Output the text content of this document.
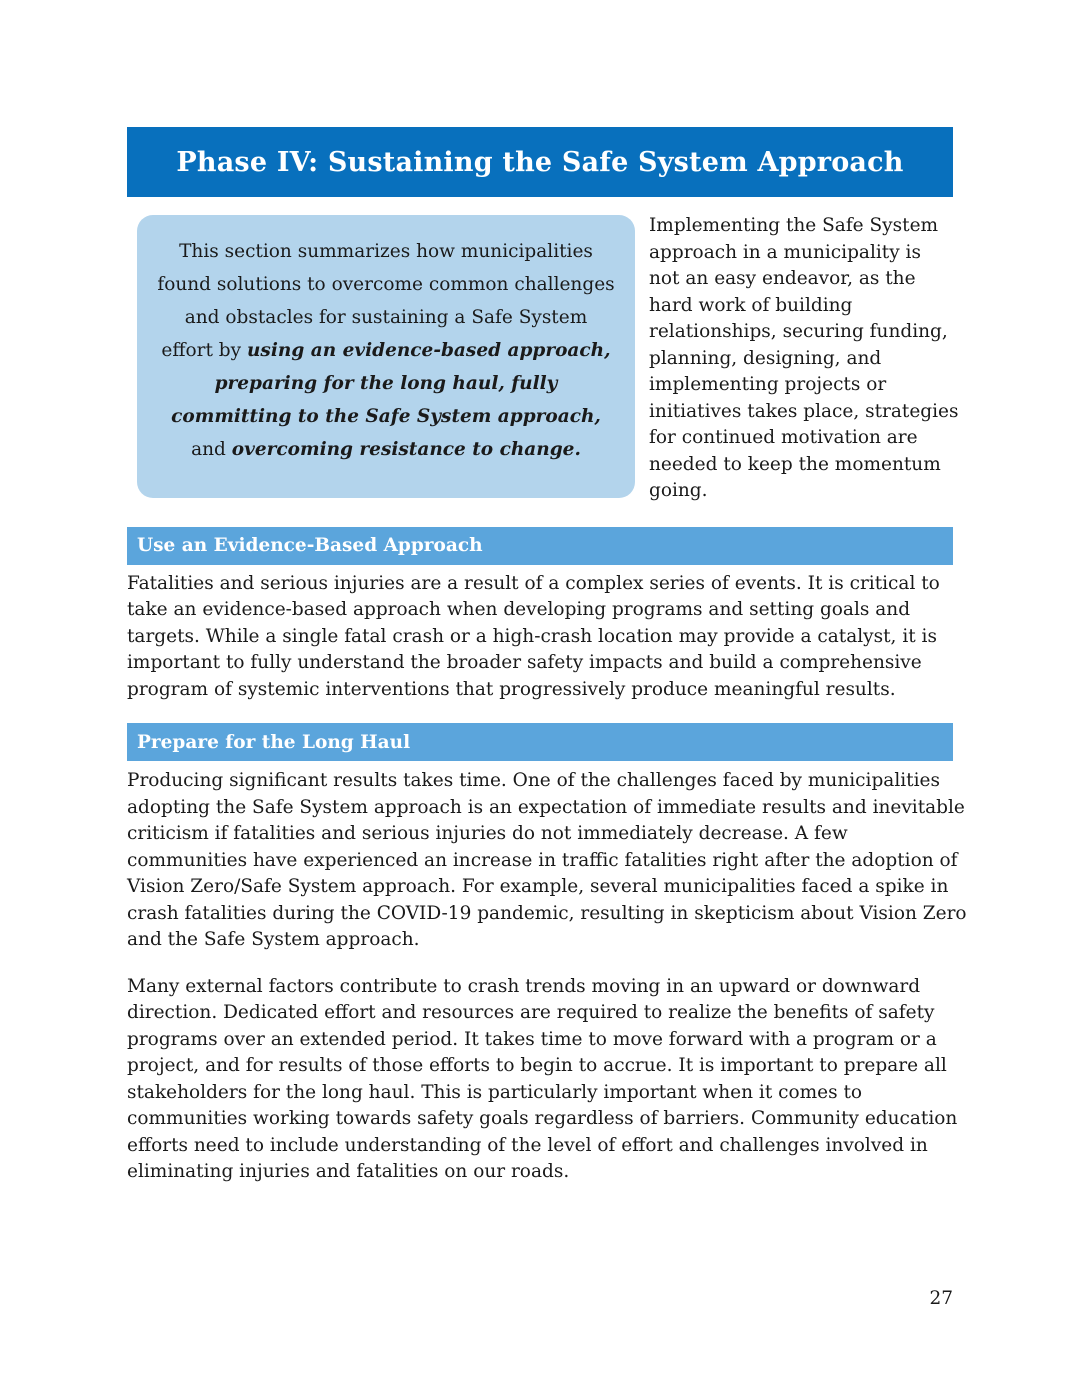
Phase IV: Sustaining the Safe System Approach
This section summarizes how municipalities found solutions to overcome common challenges and obstacles for sustaining a Safe System effort by using an evidence-based approach, preparing for the long haul, fully committing to the Safe System approach, and overcoming resistance to change.
Implementing the Safe System
approach in a municipality is
not an easy endeavor, as the
hard work of building
relationships, securing funding,
planning, designing, and
implementing projects or
initiatives takes place, strategies
for continued motivation are
needed to keep the momentum
going.
Use an Evidence-Based Approach

Fatalities and serious injuries are a result of a complex series of events. It is critical to
take an evidence-based approach when developing programs and setting goals and
targets. While a single fatal crash or a high-crash location may provide a catalyst, it is
important to fully understand the broader safety impacts and build a comprehensive
program of systemic interventions that progressively produce meaningful results.

Prepare for the Long Haul

Producing significant results takes time. One of the challenges faced by municipalities
adopting the Safe System approach is an expectation of immediate results and inevitable
criticism if fatalities and serious injuries do not immediately decrease. A few
communities have experienced an increase in traffic fatalities right after the adoption of
Vision Zero/Safe System approach. For example, several municipalities faced a spike in
crash fatalities during the COVID-19 pandemic, resulting in skepticism about Vision Zero
and the Safe System approach.

Many external factors contribute to crash trends moving in an upward or downward
direction. Dedicated effort and resources are required to realize the benefits of safety
programs over an extended period. It takes time to move forward with a program or a
project, and for results of those efforts to begin to accrue. It is important to prepare all
stakeholders for the long haul. This is particularly important when it comes to
communities working towards safety goals regardless of barriers. Community education
efforts need to include understanding of the level of effort and challenges involved in
eliminating injuries and fatalities on our roads.

27
